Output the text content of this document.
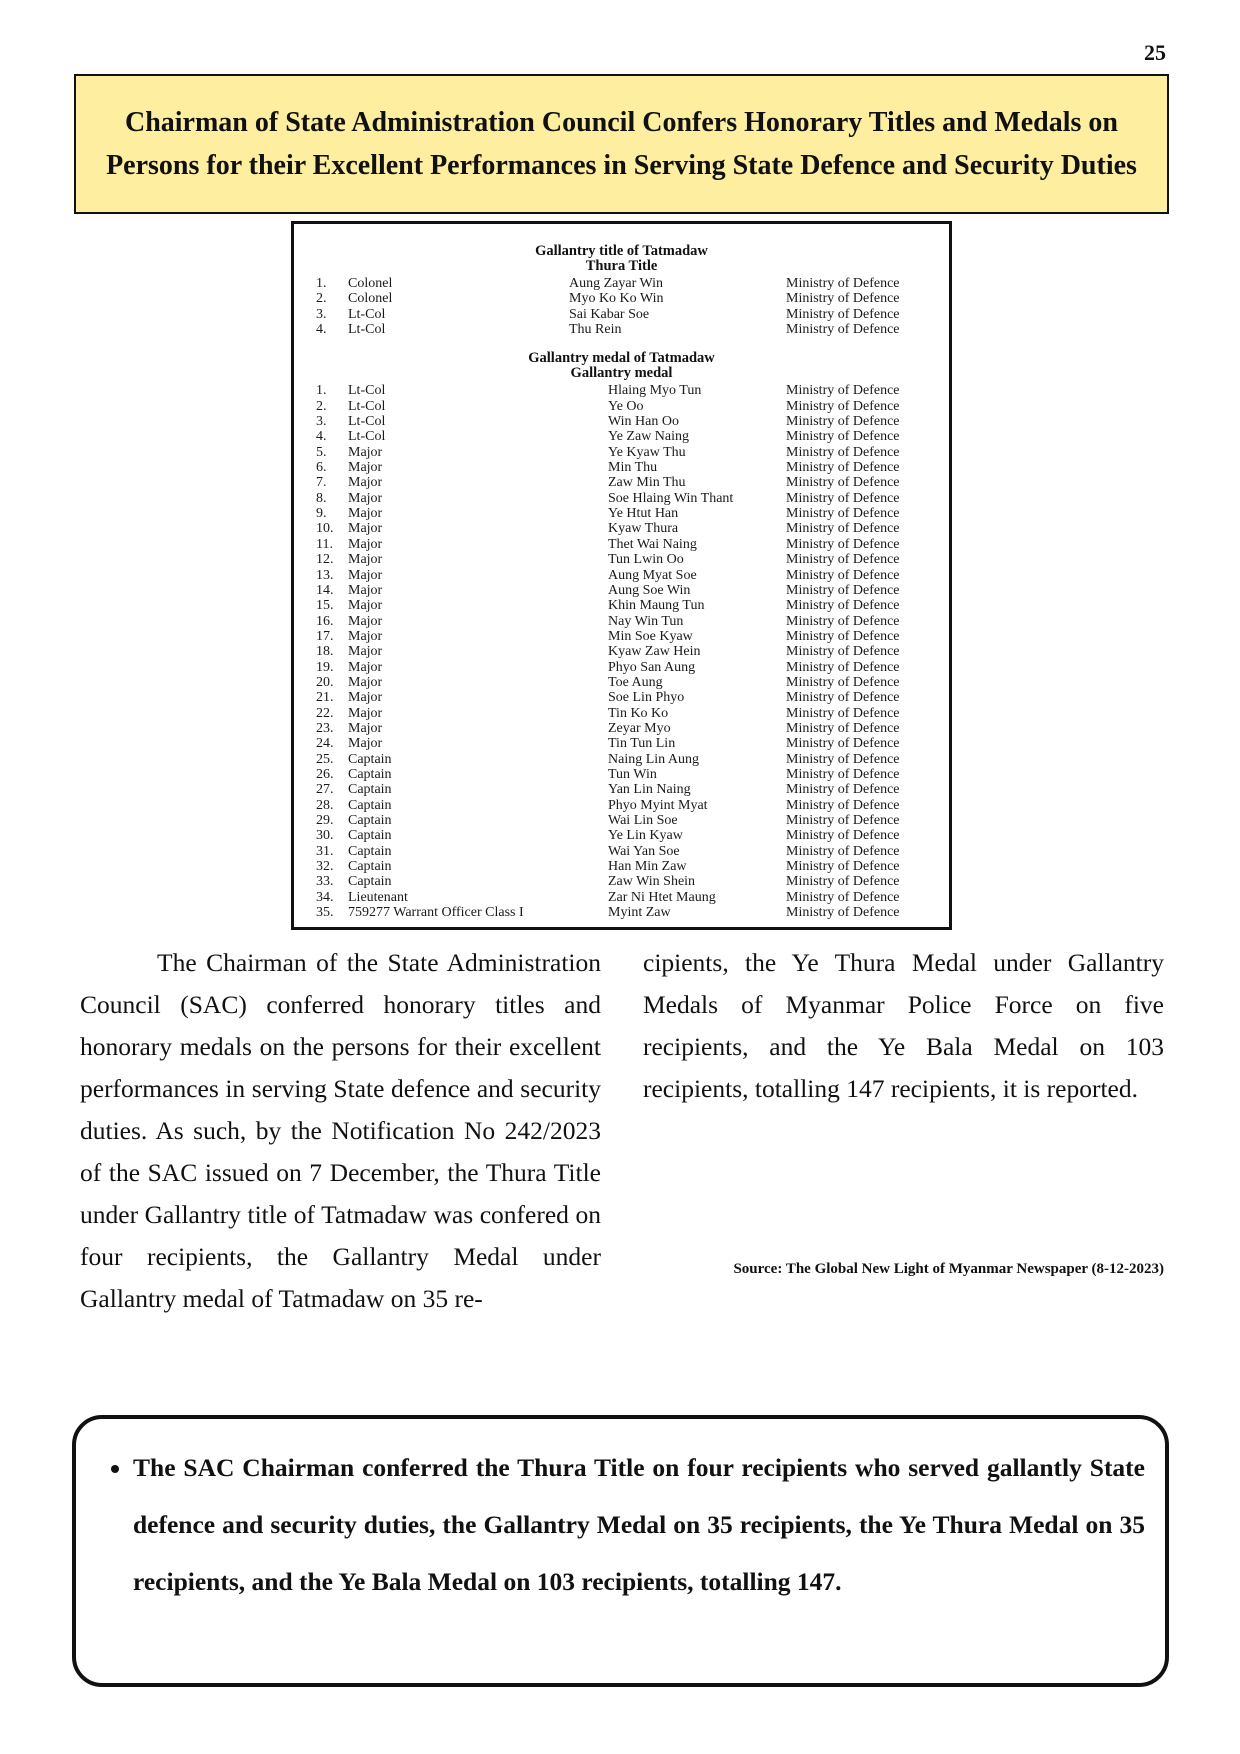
25
Chairman of State Administration Council Confers Honorary Titles and Medals on Persons for their Excellent Performances in Serving State Defence and Security Duties
Gallantry title of Tatmadaw
Thura Title
1.	Colonel	Aung Zayar Win	Ministry of Defence
2.	Colonel	Myo Ko Ko Win	Ministry of Defence
3.	Lt-Col	Sai Kabar Soe	Ministry of Defence
4.	Lt-Col	Thu Rein	Ministry of Defence
Gallantry medal of Tatmadaw
Gallantry medal
1.	Lt-Col	Hlaing Myo Tun	Ministry of Defence
2.	Lt-Col	Ye Oo	Ministry of Defence
3.	Lt-Col	Win Han Oo	Ministry of Defence
4.	Lt-Col	Ye Zaw Naing	Ministry of Defence
5.	Major	Ye Kyaw Thu	Ministry of Defence
6.	Major	Min Thu	Ministry of Defence
7.	Major	Zaw Min Thu	Ministry of Defence
8.	Major	Soe Hlaing Win Thant	Ministry of Defence
9.	Major	Ye Htut Han	Ministry of Defence
10.	Major	Kyaw Thura	Ministry of Defence
11.	Major	Thet Wai Naing	Ministry of Defence
12.	Major	Tun Lwin Oo	Ministry of Defence
13.	Major	Aung Myat Soe	Ministry of Defence
14.	Major	Aung Soe Win	Ministry of Defence
15.	Major	Khin Maung Tun	Ministry of Defence
16.	Major	Nay Win Tun	Ministry of Defence
17.	Major	Min Soe Kyaw	Ministry of Defence
18.	Major	Kyaw Zaw Hein	Ministry of Defence
19.	Major	Phyo San Aung	Ministry of Defence
20.	Major	Toe Aung	Ministry of Defence
21.	Major	Soe Lin Phyo	Ministry of Defence
22.	Major	Tin Ko Ko	Ministry of Defence
23.	Major	Zeyar Myo	Ministry of Defence
24.	Major	Tin Tun Lin	Ministry of Defence
25.	Captain	Naing Lin Aung	Ministry of Defence
26.	Captain	Tun Win	Ministry of Defence
27.	Captain	Yan Lin Naing	Ministry of Defence
28.	Captain	Phyo Myint Myat	Ministry of Defence
29.	Captain	Wai Lin Soe	Ministry of Defence
30.	Captain	Ye Lin Kyaw	Ministry of Defence
31.	Captain	Wai Yan Soe	Ministry of Defence
32.	Captain	Han Min Zaw	Ministry of Defence
33.	Captain	Zaw Win Shein	Ministry of Defence
34.	Lieutenant	Zar Ni Htet Maung	Ministry of Defence
35.	759277 Warrant Officer Class I	Myint Zaw	Ministry of Defence

The Chairman of the State Administration Council (SAC) conferred honorary titles and honorary medals on the persons for their excellent performances in serving State defence and security duties. As such, by the Notification No 242/2023 of the SAC issued on 7 December, the Thura Title under Gallantry title of Tatmadaw was confered on four recipients, the Gallantry Medal under Gallantry medal of Tatmadaw on 35 re-

cipients, the Ye Thura Medal under Gallantry Medals of Myanmar Police Force on five recipients, and the Ye Bala Medal on 103 recipients, totalling 147 recipients, it is reported.

Source: The Global New Light of Myanmar Newspaper (8-12-2023)
• The SAC Chairman conferred the Thura Title on four recipients who served gallantly State defence and security duties, the Gallantry Medal on 35 recipients, the Ye Thura Medal on 35 recipients, and the Ye Bala Medal on 103 recipients, totalling 147.
